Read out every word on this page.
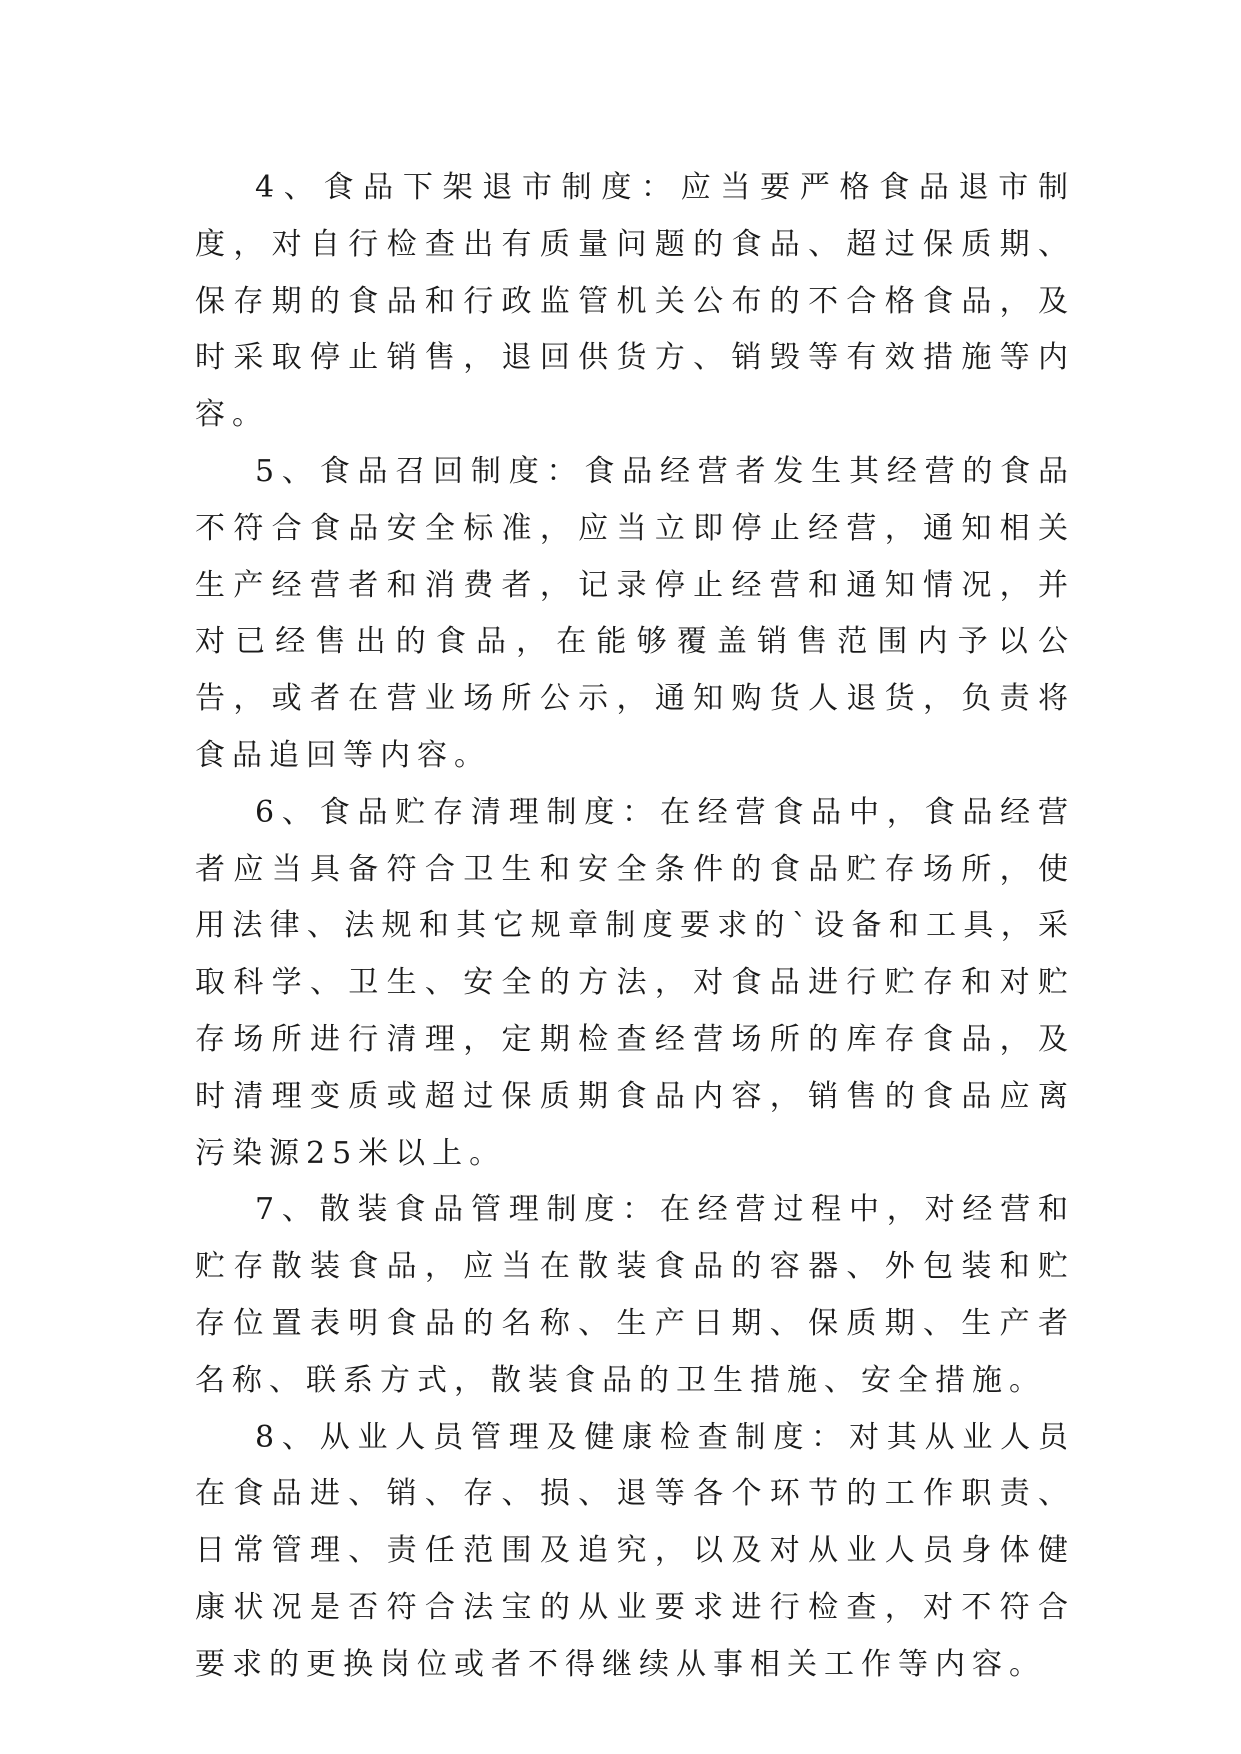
4、食品下架退市制度：应当要严格食品退市制度，对自行检查出有质量问题的食品、超过保质期、保存期的食品和行政监管机关公布的不合格食品，及时采取停止销售，退回供货方、销毁等有效措施等内容。

5、食品召回制度：食品经营者发生其经营的食品不符合食品安全标准，应当立即停止经营，通知相关生产经营者和消费者，记录停止经营和通知情况，并对已经售出的食品，在能够覆盖销售范围内予以公告，或者在营业场所公示，通知购货人退货，负责将食品追回等内容。

6、食品贮存清理制度：在经营食品中，食品经营者应当具备符合卫生和安全条件的食品贮存场所，使用法律、法规和其它规章制度要求的`设备和工具，采取科学、卫生、安全的方法，对食品进行贮存和对贮存场所进行清理，定期检查经营场所的库存食品，及时清理变质或超过保质期食品内容，销售的食品应离污染源25米以上。

7、散装食品管理制度：在经营过程中，对经营和贮存散装食品，应当在散装食品的容器、外包装和贮存位置表明食品的名称、生产日期、保质期、生产者名称、联系方式，散装食品的卫生措施、安全措施。

8、从业人员管理及健康检查制度：对其从业人员在食品进、销、存、损、退等各个环节的工作职责、日常管理、责任范围及追究，以及对从业人员身体健康状况是否符合法宝的从业要求进行检查，对不符合要求的更换岗位或者不得继续从事相关工作等内容。
